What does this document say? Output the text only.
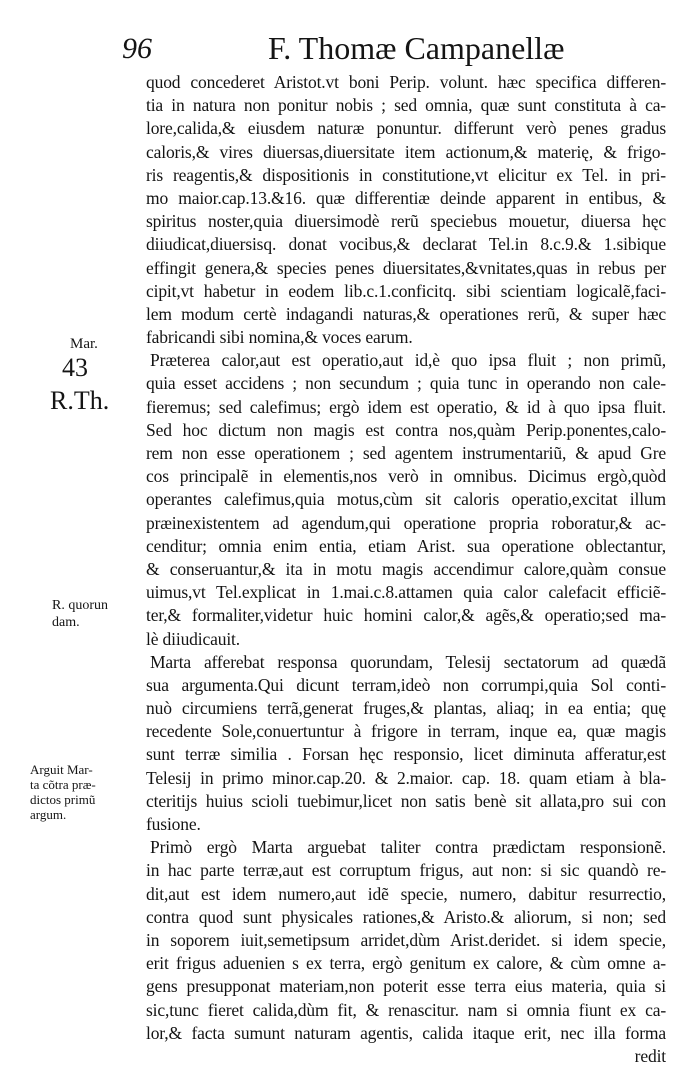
96	F. Thomæ Campanellæ
Mar.
43
R.Th.
R. quorun
dam.
Arguit Mar-
ta cõtra præ-
dictos primũ
argum.
quod concederet Aristot.vt boni Perip. volunt. hæc specifica differen-
tia in natura non ponitur nobis ; sed omnia, quæ sunt constituta à ca-
lore,calida,& eiusdem naturæ ponuntur. differunt verò penes gradus
caloris,& vires diuersas,diuersitate item actionum,& materię, & frigo-
ris reagentis,& dispositionis in constitutione,vt elicitur ex Tel. in pri-
mo maior.cap.13.&16. quæ differentiæ deinde apparent in entibus, &
spiritus noster,quia diuersimodè rerũ speciebus mouetur, diuersa hęc
diiudicat,diuersisq. donat vocibus,& declarat Tel.in 8.c.9.& 1.sibique
effingit genera,& species penes diuersitates,&vnitates,quas in rebus per
cipit,vt habetur in eodem lib.c.1.conficitq. sibi scientiam logicalẽ,faci-
lem modum certè indagandi naturas,& operationes rerũ, & super hæc
fabricandi sibi nomina,& voces earum.
Præterea calor,aut est operatio,aut id,è quo ipsa fluit ; non primũ,
quia esset accidens ; non secundum ; quia tunc in operando non cale-
fieremus; sed calefimus; ergò idem est operatio, & id à quo ipsa fluit.
Sed hoc dictum non magis est contra nos,quàm Perip.ponentes,calo-
rem non esse operationem ; sed agentem instrumentariũ, & apud Gre
cos principalẽ in elementis,nos verò in omnibus. Dicimus ergò,quòd
operantes calefimus,quia motus,cùm sit caloris operatio,excitat illum
præinexistentem ad agendum,qui operatione propria roboratur,& ac-
cenditur; omnia enim entia, etiam Arist. sua operatione oblectantur,
& conseruantur,& ita in motu magis accendimur calore,quàm consue
uimus,vt Tel.explicat in 1.mai.c.8.attamen quia calor calefacit efficiẽ-
ter,& formaliter,videtur huic homini calor,& agẽs,& operatio;sed ma-
lè diiudicauit.
Marta afferebat responsa quorundam, Telesij sectatorum ad quædã
sua argumenta.Qui dicunt terram,ideò non corrumpi,quia Sol conti-
nuò circumiens terrã,generat fruges,& plantas, aliaq; in ea entia; quę
recedente Sole,conuertuntur à frigore in terram, inque ea, quæ magis
sunt terræ similia . Forsan hęc responsio, licet diminuta afferatur,est
Telesij in primo minor.cap.20. & 2.maior. cap. 18. quam etiam à bla-
cteritijs huius scioli tuebimur,licet non satis benè sit allata,pro sui con
fusione.
Primò ergò Marta arguebat taliter contra prædictam responsionẽ.
in hac parte terræ,aut est corruptum frigus, aut non: si sic quandò re-
dit,aut est idem numero,aut idẽ specie, numero, dabitur resurrectio,
contra quod sunt physicales rationes,& Aristo.& aliorum, si non; sed
in soporem iuit,semetipsum arridet,dùm Arist.deridet. si idem specie,
erit frigus aduenien s ex terra, ergò genitum ex calore, & cùm omne a-
gens presupponat materiam,non poterit esse terra eius materia, quia si
sic,tunc fieret calida,dùm fit, & renascitur. nam si omnia fiunt ex ca-
lor,& facta sumunt naturam agentis, calida itaque erit, nec illa forma
redit
